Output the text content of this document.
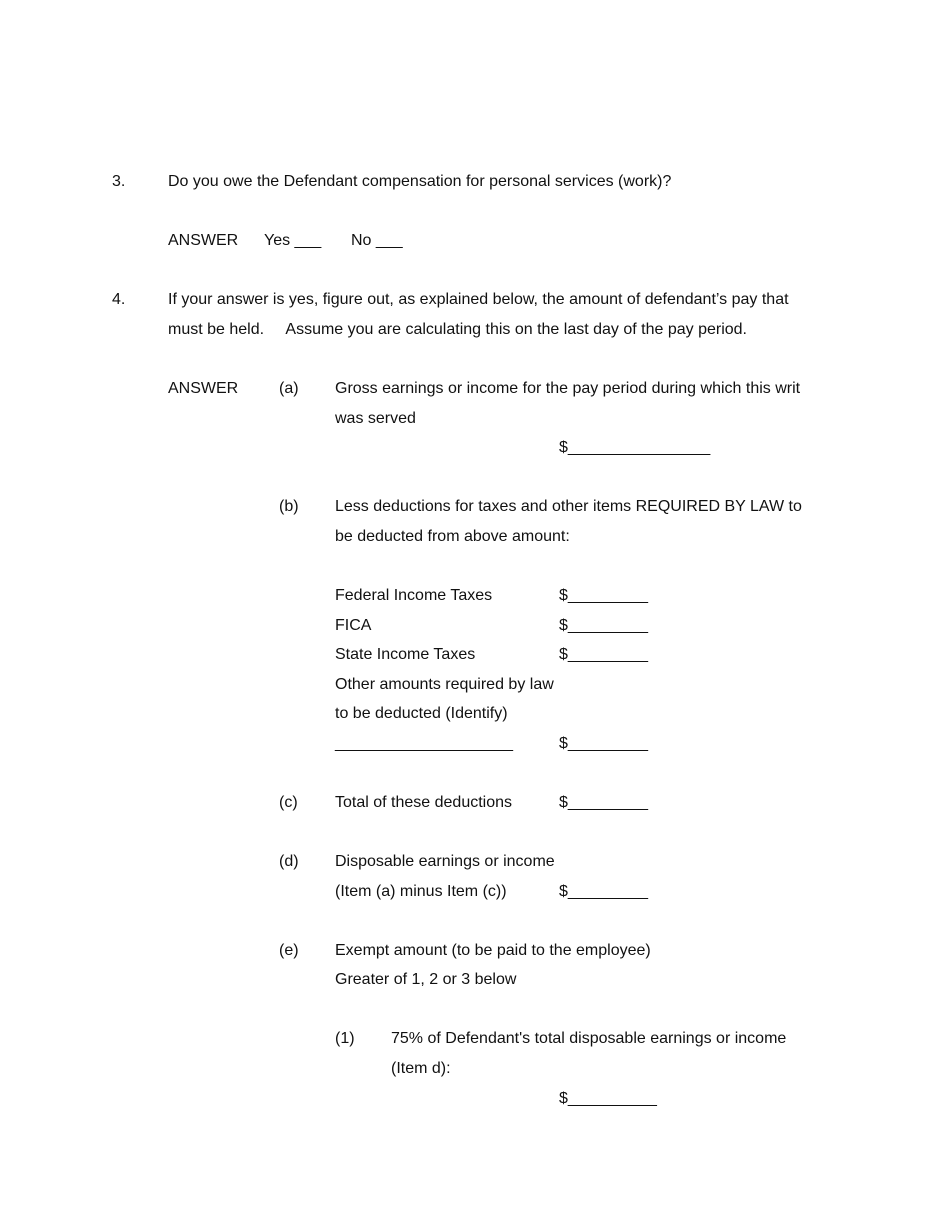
3.	Do you owe the Defendant compensation for personal services (work)?
ANSWER Yes ___ No ___
4.	If your answer is yes, figure out, as explained below, the amount of defendant’s pay that
must be held.     Assume you are calculating this on the last day of the pay period.
ANSWER	(a) Gross earnings or income for the pay period during which this writ
was served
$________________
(b) Less deductions for taxes and other items REQUIRED BY LAW to
be deducted from above amount:
Federal Income Taxes	$_________
FICA	$_________
State Income Taxes	$_________
Other amounts required by law
to be deducted (Identify)
____________________	$_________
(c) Total of these deductions	$_________
(d) Disposable earnings or income
(Item (a) minus Item (c))	$_________
(e) Exempt amount (to be paid to the employee)
Greater of 1, 2 or 3 below
(1) 75% of Defendant's total disposable earnings or income
(Item d):
$__________
